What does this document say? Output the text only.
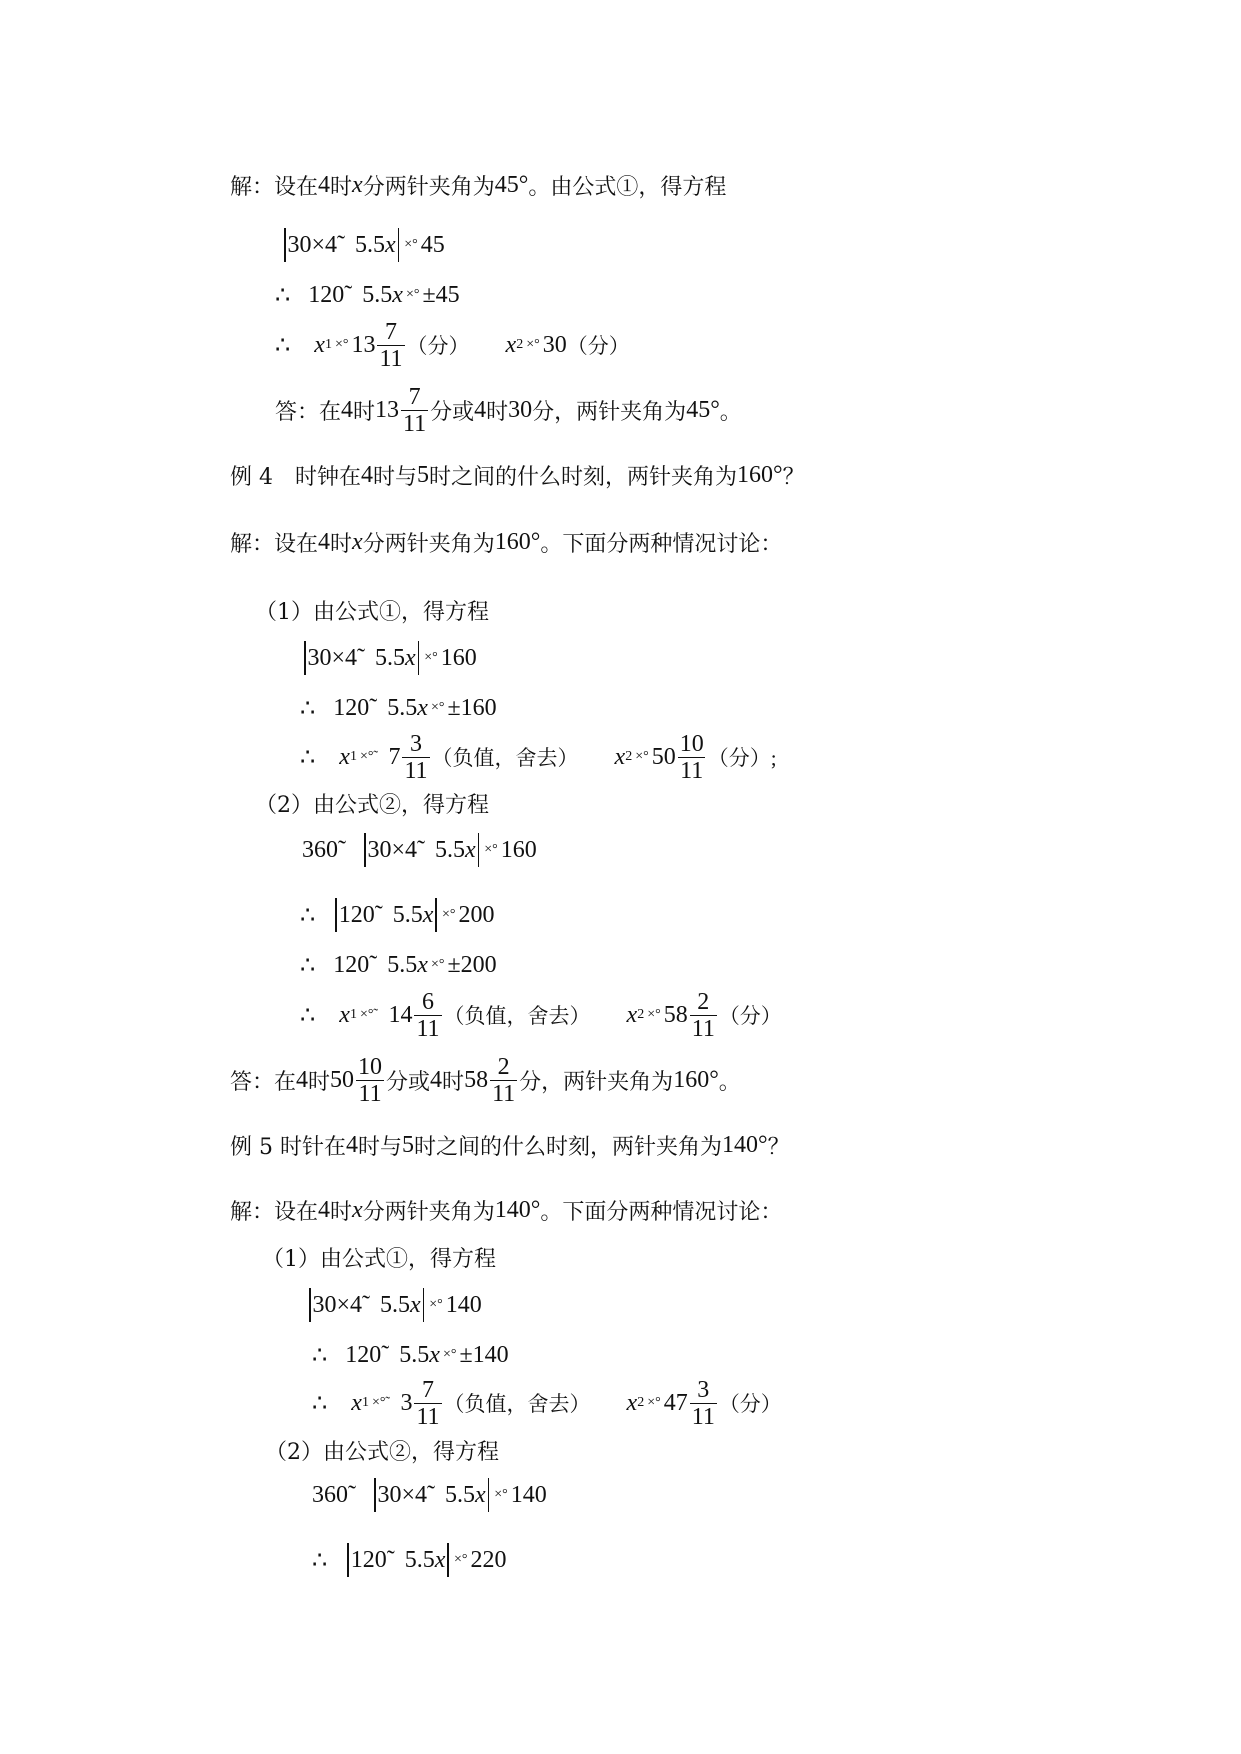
解：设在 4 时 x 分两针夹角为 45° 。由公式①，得方程
30×4̃
5.5 x ×° 45
∴
120̃
5.5 x ×° ±45
∴
x 1 ×° $13 \frac{7}{11}$ （分）
x 2 ×° 30 （分）
答：在 4 时 $13 \frac{7}{11}$ 分或 4 时 30 分，两针夹角为 45° 。
例 4　时钟在 4 时与 5 时之间的什么时刻，两针夹角为 160° ？
解：设在 4 时 x 分两针夹角为 160° 。下面分两种情况讨论：
（1）由公式①，得方程
30×4̃
5.5 x ×° 160
∴
120̃
5.5 x ×° ±160
∴
x 1 ×°̃
$7 \frac{3}{11}$ （负值，舍去）
x 2 ×° $50 \frac{10}{11}$ （分）;
（2）由公式②，得方程
360̃
30×4̃
5.5 x ×° 160
∴
120̃
5.5 x ×° 200
∴
120̃
5.5 x ×° ±200
∴
x 1 ×°̃
$14 \frac{6}{11}$ （负值，舍去）
x 2 ×° $58 \frac{2}{11}$ （分）
答：在 4 时 $50 \frac{10}{11}$ 分或 4 时 $58 \frac{2}{11}$ 分，两针夹角为 160° 。
例 5 时针在 4 时与 5 时之间的什么时刻，两针夹角为 140° ？
解：设在 4 时 x 分两针夹角为 140° 。下面分两种情况讨论：
（1）由公式①，得方程
30×4̃
5.5 x ×° 140
∴
120̃
5.5 x ×° ±140
∴
x 1 ×°̃
$3 \frac{7}{11}$ （负值，舍去）
x 2 ×° $47 \frac{3}{11}$ （分）
（2）由公式②，得方程
360̃
30×4̃
5.5 x ×° 140
∴
120̃
5.5 x ×° 220
